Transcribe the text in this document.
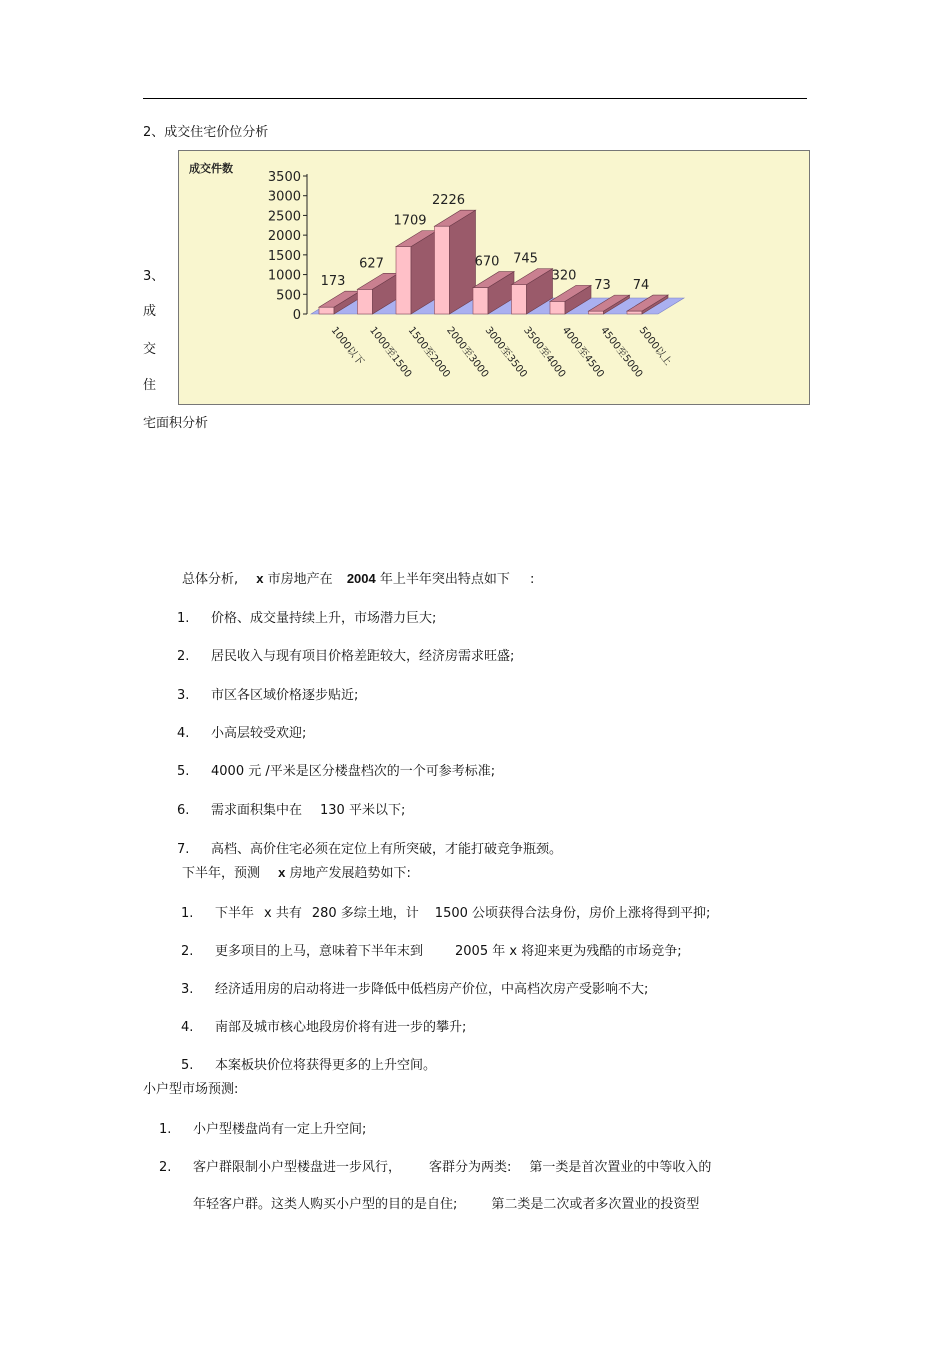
2、成交住宅价位分析
成交件数
3500
3000
2500
2000
1500
1000
500
0
173
627
1709
2226
670 745
320
73 74
1000以下 1000至1500
1500至2000
2000至3000
3000至3500
3500至4000
4000至4500
4500至5000
5000以上
3、
成
交
住
宅面积分析
总体分析, x 市房地产在 2004 年上半年突出特点如下 :
1. 价格、成交量持续上升，市场潜力巨大;
2. 居民收入与现有项目价格差距较大，经济房需求旺盛;
3. 市区各区域价格逐步贴近;
4. 小高层较受欢迎;
5. 4000 元 /平米是区分楼盘档次的一个可参考标准;
6. 需求面积集中在 130 平米以下;
7. 高档、高价住宅必须在定位上有所突破，才能打破竞争瓶颈。
下半年，预测 x 房地产发展趋势如下:
1. 下半年 x 共有 280 多综土地，计 1500 公顷获得合法身份，房价上涨将得到平抑;
2. 更多项目的上马，意味着下半年末到 2005 年 x 将迎来更为残酷的市场竞争;
3. 经济适用房的启动将进一步降低中低档房产价位，中高档次房产受影响不大;
4. 南部及城市核心地段房价将有进一步的攀升;
5. 本案板块价位将获得更多的上升空间。
小户型市场预测:
1. 小户型楼盘尚有一定上升空间;
2. 客户群限制小户型楼盘进一步风行， 客群分为两类: 第一类是首次置业的中等收入的
年轻客户群。这类人购买小户型的目的是自住;	第二类是二次或者多次置业的投资型
